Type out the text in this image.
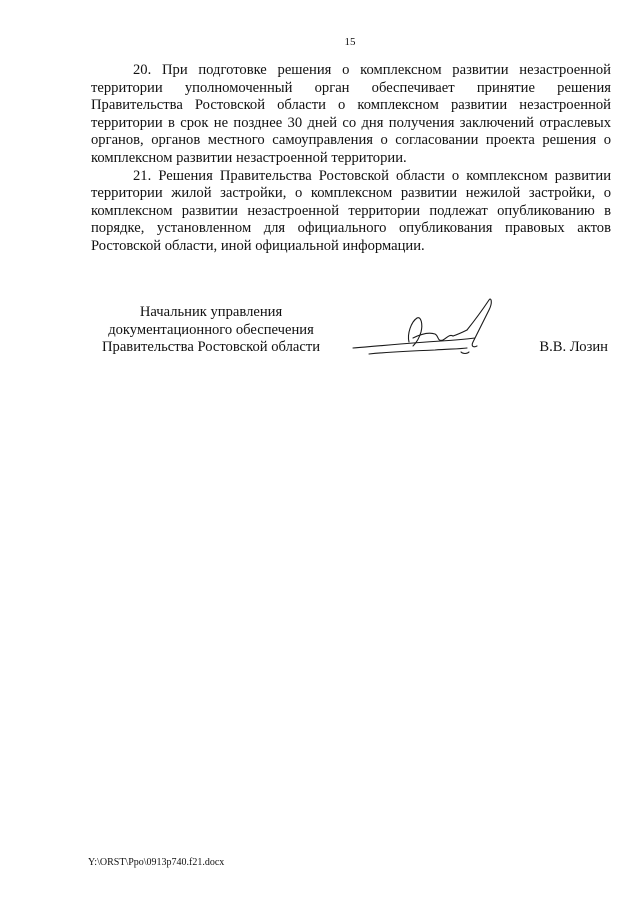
15

20. При подготовке решения о комплексном развитии незастроенной территории уполномоченный орган обеспечивает принятие решения Правительства Ростовской области о комплексном развитии незастроенной территории в срок не позднее 30 дней со дня получения заключений отраслевых органов, органов местного самоуправления о согласовании проекта решения о комплексном развитии незастроенной территории.

21. Решения Правительства Ростовской области о комплексном развитии территории жилой застройки, о комплексном развитии нежилой застройки, о комплексном развитии незастроенной территории подлежат опубликованию в порядке, установленном для официального опубликования правовых актов Ростовской области, иной официальной информации.

Начальник управления
документационного обеспечения
Правительства Ростовской области	В.В. Лозин
Y:\ORST\Ppo\0913p740.f21.docx
